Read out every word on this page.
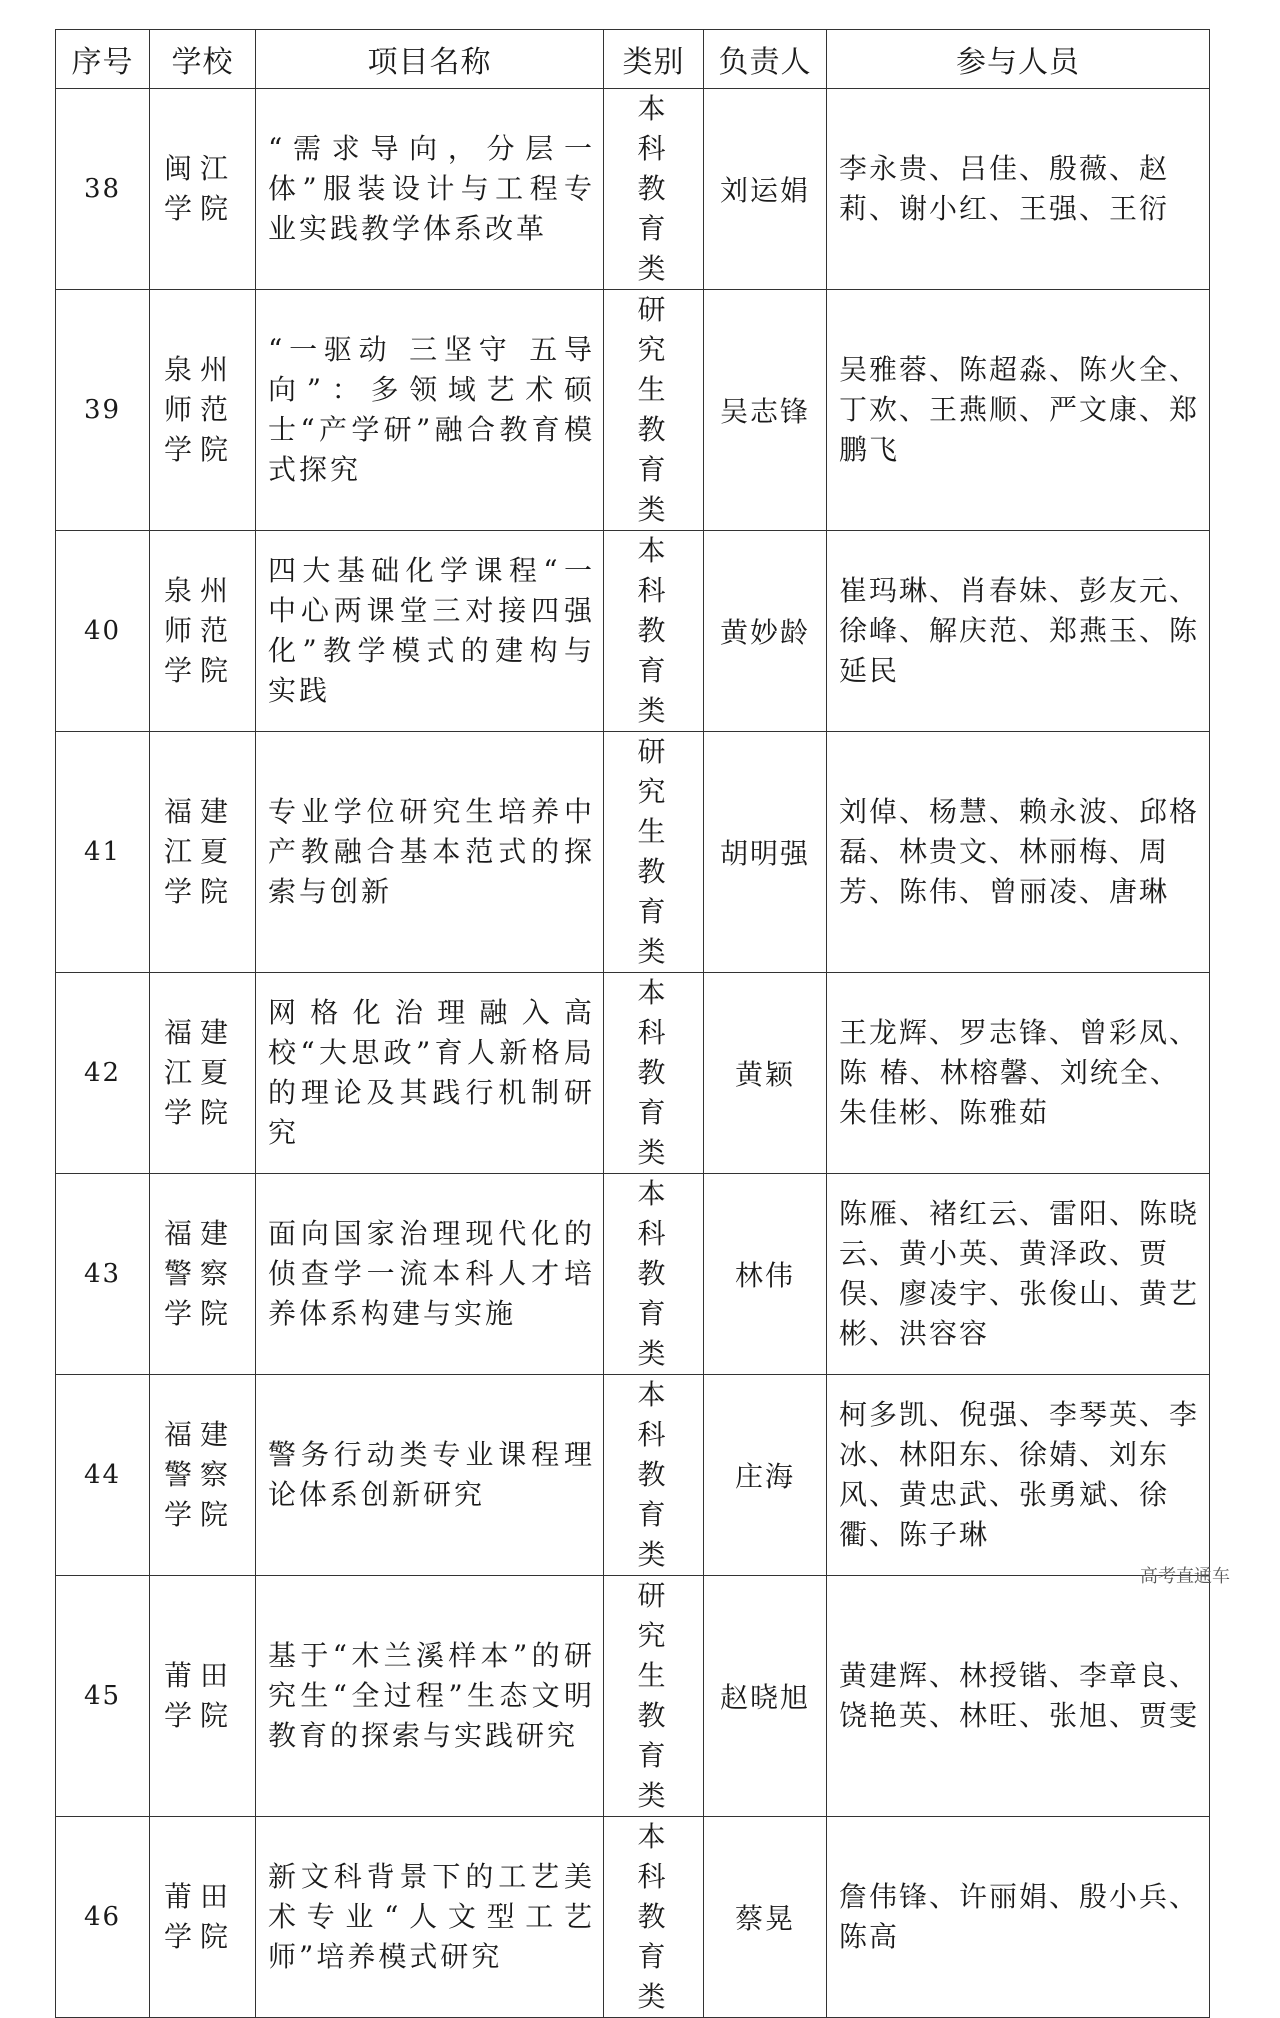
序号	学校	项目名称	类别	负责人	参与人员
38	闽江学院	“需求导向，分层一体”服装设计与工程专业实践教学体系改革	本科教育类	刘运娟	李永贵、吕佳、殷薇、赵莉、谢小红、王强、王衍
39	泉州师范学院	“一驱动 三坚守 五导向”：多领域艺术硕士“产学研”融合教育模式探究	研究生教育类	吴志锋	吴雅蓉、陈超淼、陈火全、丁欢、王燕顺、严文康、郑鹏飞
40	泉州师范学院	四大基础化学课程“一中心两课堂三对接四强化”教学模式的建构与实践	本科教育类	黄妙龄	崔玛琳、肖春妹、彭友元、徐峰、解庆范、郑燕玉、陈延民
41	福建江夏学院	专业学位研究生培养中产教融合基本范式的探索与创新	研究生教育类	胡明强	刘倬、杨慧、赖永波、邱格磊、林贵文、林丽梅、周芳、陈伟、曾丽凌、唐琳
42	福建江夏学院	网格化治理融入高校“大思政”育人新格局的理论及其践行机制研究	本科教育类	黄颖	王龙辉、罗志锋、曾彩凤、陈 椿、林榕馨、刘统全、朱佳彬、陈雅茹
43	福建警察学院	面向国家治理现代化的侦查学一流本科人才培养体系构建与实施	本科教育类	林伟	陈雁、褚红云、雷阳、陈晓云、黄小英、黄泽政、贾俣、廖凌宇、张俊山、黄艺彬、洪容容
44	福建警察学院	警务行动类专业课程理论体系创新研究	本科教育类	庄海	柯多凯、倪强、李琴英、李冰、林阳东、徐婧、刘东风、黄忠武、张勇斌、徐衢、陈子琳
45	莆田学院	基于“木兰溪样本”的研究生“全过程”生态文明教育的探索与实践研究	研究生教育类	赵晓旭	黄建辉、林授锴、李章良、饶艳英、林旺、张旭、贾雯
46	莆田学院	新文科背景下的工艺美术专业“人文型工艺师”培养模式研究	本科教育类	蔡晃	詹伟锋、许丽娟、殷小兵、陈高
高考直通车
